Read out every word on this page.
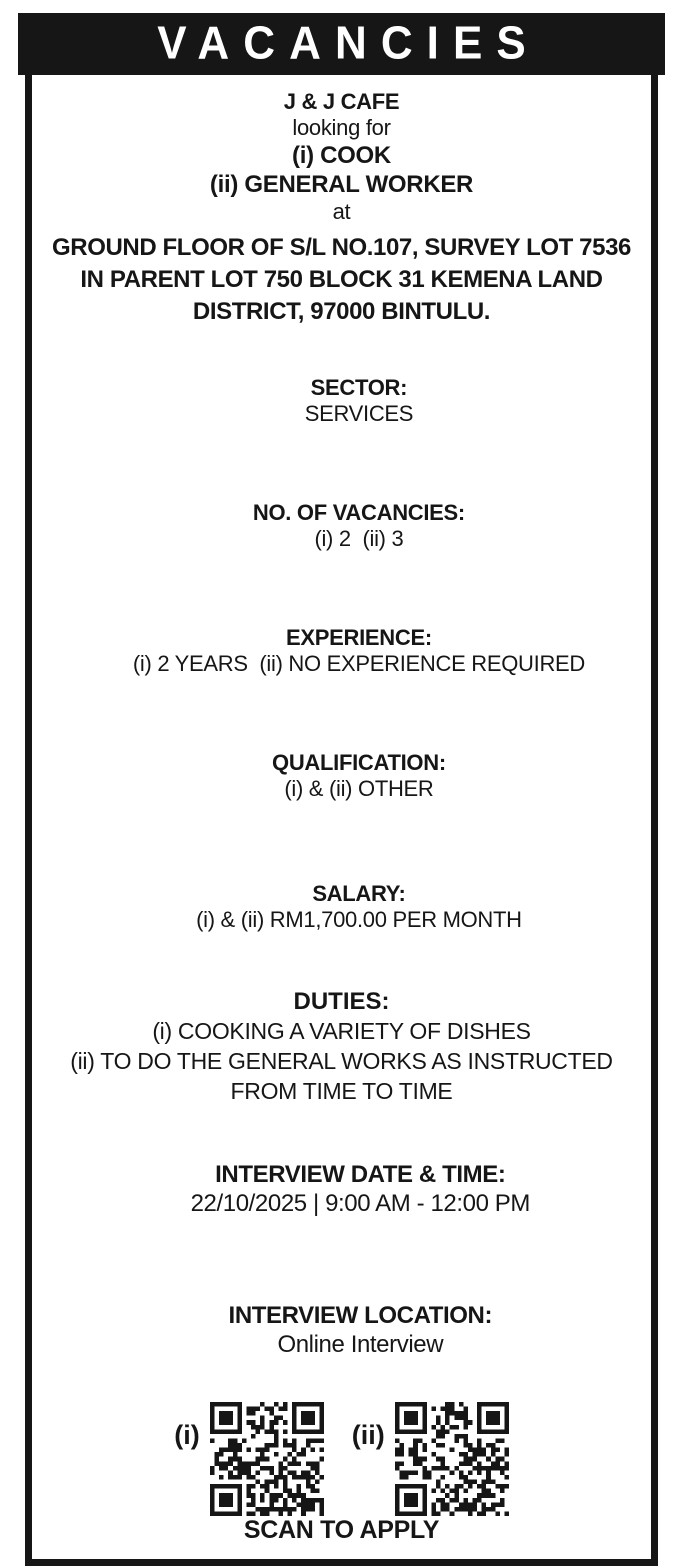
VACANCIES
J & J CAFE
looking for
(i) COOK
(ii) GENERAL WORKER
at
GROUND FLOOR OF S/L NO.107, SURVEY LOT 7536 IN PARENT LOT 750 BLOCK 31 KEMENA LAND DISTRICT, 97000 BINTULU.

SECTOR:
SERVICES

NO. OF VACANCIES:
(i) 2  (ii) 3

EXPERIENCE:
(i) 2 YEARS  (ii) NO EXPERIENCE REQUIRED

QUALIFICATION:
(i) & (ii) OTHER

SALARY:
(i) & (ii) RM1,700.00 PER MONTH

DUTIES:
(i) COOKING A VARIETY OF DISHES
(ii) TO DO THE GENERAL WORKS AS INSTRUCTED FROM TIME TO TIME

INTERVIEW DATE & TIME:
22/10/2025 | 9:00 AM - 12:00 PM

INTERVIEW LOCATION:
Online Interview

(i)	(ii)
SCAN TO APPLY
